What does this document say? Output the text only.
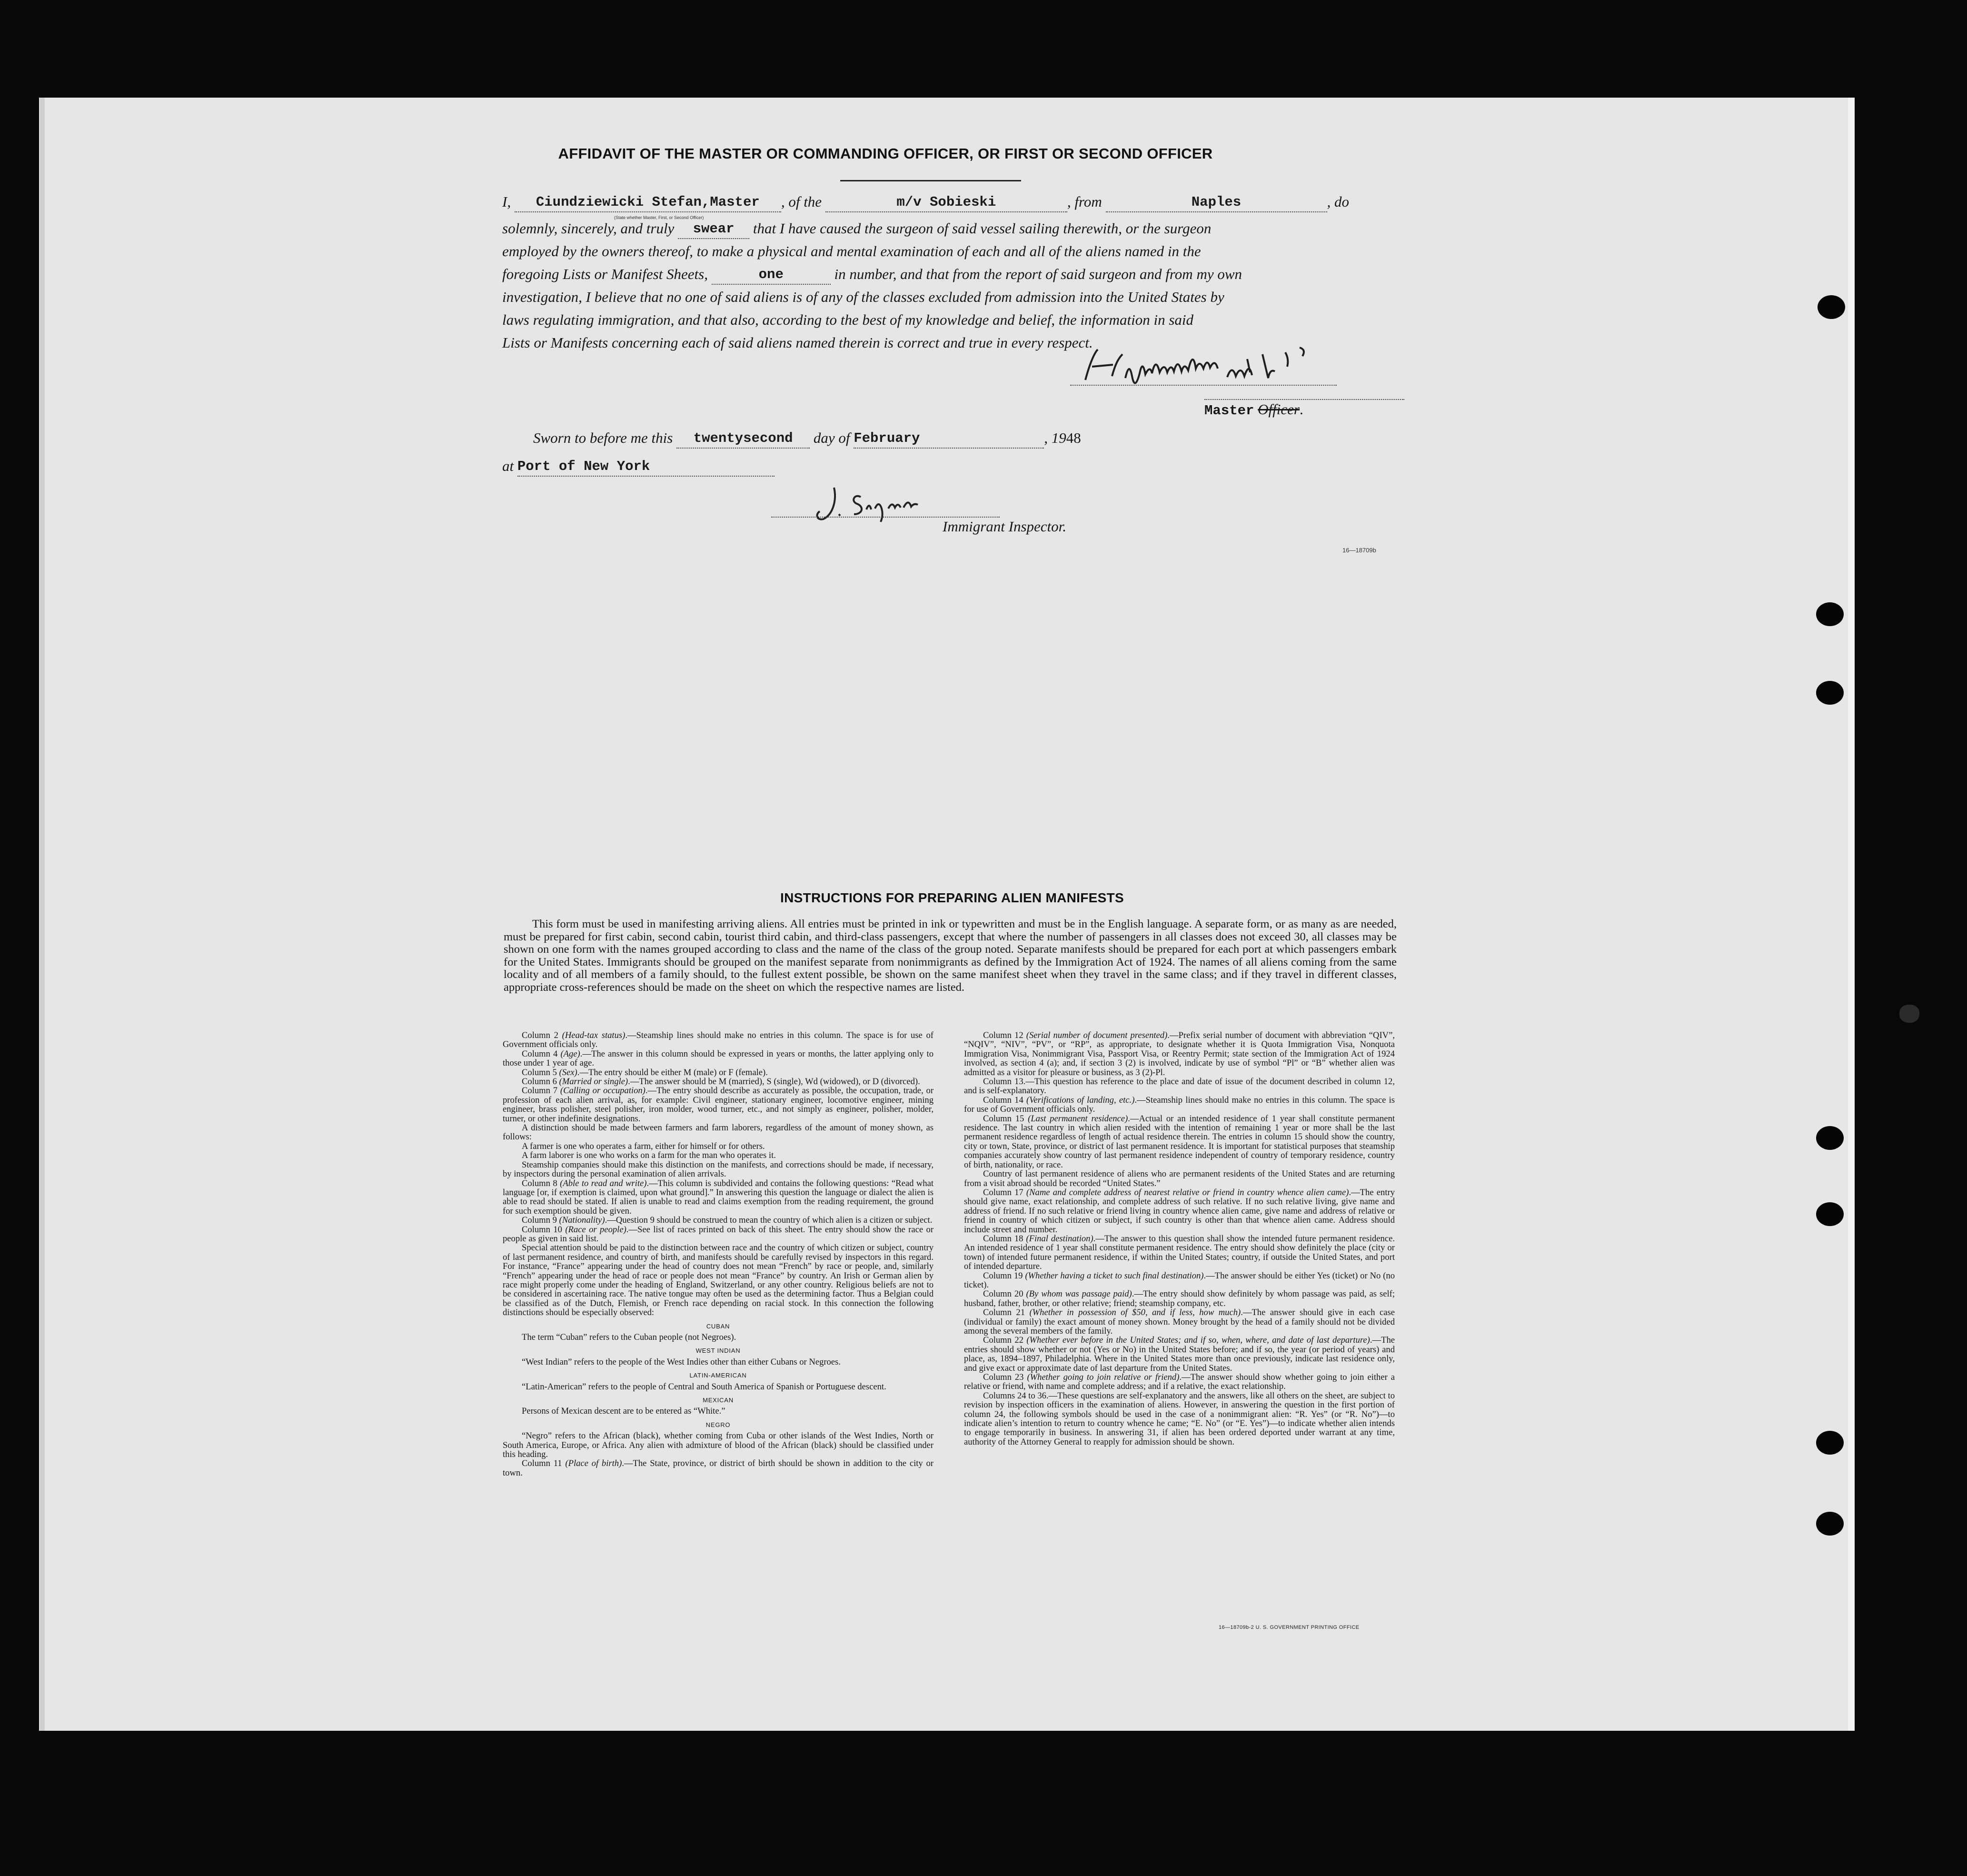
AFFIDAVIT OF THE MASTER OR COMMANDING OFFICER, OR FIRST OR SECOND OFFICER
I, Ciundziewicki Stefan,Master , of the	m/v Sobieski	, from	Naples	, do
(State whether Master, First, or Second Officer)
solemnly, sincerely, and truly swear that I have caused the surgeon of said vessel sailing therewith, or the surgeon
employed by the owners thereof, to make a physical and mental examination of each and all of the aliens named in the
foregoing Lists or Manifest Sheets,	one	in number, and that from the report of said surgeon and from my own
investigation, I believe that no one of said aliens is of any of the classes excluded from admission into the United States by
laws regulating immigration, and that also, according to the best of my knowledge and belief, the information in said
Lists or Manifests concerning each of said aliens named therein is correct and true in every respect.
Master Officer.
Sworn to before me this twentysecond day of February	, 1948
at Port of New York
Immigrant Inspector.
16—18709b
INSTRUCTIONS FOR PREPARING ALIEN MANIFESTS
This form must be used in manifesting arriving aliens. All entries must be printed in ink or typewritten and must be in the English language. A separate form, or as many as are needed, must be prepared for first cabin, second cabin, tourist third cabin, and third-class passengers, except that where the number of passengers in all classes does not exceed 30, all classes may be shown on one form with the names grouped according to class and the name of the class of the group noted. Separate manifests should be prepared for each port at which passengers embark for the United States. Immigrants should be grouped on the manifest separate from nonimmigrants as defined by the Immigration Act of 1924. The names of all aliens coming from the same locality and of all members of a family should, to the fullest extent possible, be shown on the same manifest sheet when they travel in the same class; and if they travel in different classes, appropriate cross-references should be made on the sheet on which the respective names are listed.

Column 2 (Head-tax status).—Steamship lines should make no entries in this column. The space is for use of Government officials only.

Column 4 (Age).—The answer in this column should be expressed in years or months, the latter applying only to those under 1 year of age.

Column 5 (Sex).—The entry should be either M (male) or F (female).

Column 6 (Married or single).—The answer should be M (married), S (single), Wd (widowed), or D (divorced).

Column 7 (Calling or occupation).—The entry should describe as accurately as possible, the occupation, trade, or profession of each alien arrival, as, for example: Civil engineer, stationary engineer, locomotive engineer, mining engineer, brass polisher, steel polisher, iron molder, wood turner, etc., and not simply as engineer, polisher, molder, turner, or other indefinite designations.

A distinction should be made between farmers and farm laborers, regardless of the amount of money shown, as follows:

A farmer is one who operates a farm, either for himself or for others.

A farm laborer is one who works on a farm for the man who operates it.

Steamship companies should make this distinction on the manifests, and corrections should be made, if necessary, by inspectors during the personal examination of alien arrivals.

Column 8 (Able to read and write).—This column is subdivided and contains the following questions: “Read what language [or, if exemption is claimed, upon what ground].” In answering this question the language or dialect the alien is able to read should be stated. If alien is unable to read and claims exemption from the reading requirement, the ground for such exemption should be given.

Column 9 (Nationality).—Question 9 should be construed to mean the country of which alien is a citizen or subject.

Column 10 (Race or people).—See list of races printed on back of this sheet. The entry should show the race or people as given in said list.

Special attention should be paid to the distinction between race and the country of which citizen or subject, country of last permanent residence, and country of birth, and manifests should be carefully revised by inspectors in this regard. For instance, “France” appearing under the head of country does not mean “French” by race or people, and, similarly “French” appearing under the head of race or people does not mean “France” by country. An Irish or German alien by race might properly come under the heading of England, Switzerland, or any other country. Religious beliefs are not to be considered in ascertaining race. The native tongue may often be used as the determining factor. Thus a Belgian could be classified as of the Dutch, Flemish, or French race depending on racial stock. In this connection the following distinctions should be especially observed:

CUBAN

The term “Cuban” refers to the Cuban people (not Negroes).

WEST INDIAN

“West Indian” refers to the people of the West Indies other than either Cubans or Negroes.

LATIN-AMERICAN

“Latin-American” refers to the people of Central and South America of Spanish or Portuguese descent.

MEXICAN

Persons of Mexican descent are to be entered as “White.”

NEGRO

“Negro” refers to the African (black), whether coming from Cuba or other islands of the West Indies, North or South America, Europe, or Africa. Any alien with admixture of blood of the African (black) should be classified under this heading.

Column 11 (Place of birth).—The State, province, or district of birth should be shown in addition to the city or town.

Column 12 (Serial number of document presented).—Prefix serial number of document with abbreviation “QIV”, “NQIV”, “NIV”, “PV”, or “RP”, as appropriate, to designate whether it is Quota Immigration Visa, Nonquota Immigration Visa, Nonimmigrant Visa, Passport Visa, or Reentry Permit; state section of the Immigration Act of 1924 involved, as section 4 (a); and, if section 3 (2) is involved, indicate by use of symbol “Pl” or “B” whether alien was admitted as a visitor for pleasure or business, as 3 (2)-Pl.

Column 13.—This question has reference to the place and date of issue of the document described in column 12, and is self-explanatory.

Column 14 (Verifications of landing, etc.).—Steamship lines should make no entries in this column. The space is for use of Government officials only.

Column 15 (Last permanent residence).—Actual or an intended residence of 1 year shall constitute permanent residence. The last country in which alien resided with the intention of remaining 1 year or more shall be the last permanent residence regardless of length of actual residence therein. The entries in column 15 should show the country, city or town, State, province, or district of last permanent residence. It is important for statistical purposes that steamship companies accurately show country of last permanent residence independent of country of temporary residence, country of birth, nationality, or race.

Country of last permanent residence of aliens who are permanent residents of the United States and are returning from a visit abroad should be recorded “United States.”

Column 17 (Name and complete address of nearest relative or friend in country whence alien came).—The entry should give name, exact relationship, and complete address of such relative. If no such relative living, give name and address of friend. If no such relative or friend living in country whence alien came, give name and address of relative or friend in country of which citizen or subject, if such country is other than that whence alien came. Address should include street and number.

Column 18 (Final destination).—The answer to this question shall show the intended future permanent residence. An intended residence of 1 year shall constitute permanent residence. The entry should show definitely the place (city or town) of intended future permanent residence, if within the United States; country, if outside the United States, and port of intended departure.

Column 19 (Whether having a ticket to such final destination).—The answer should be either Yes (ticket) or No (no ticket).

Column 20 (By whom was passage paid).—The entry should show definitely by whom passage was paid, as self; husband, father, brother, or other relative; friend; steamship company, etc.

Column 21 (Whether in possession of $50, and if less, how much).—The answer should give in each case (individual or family) the exact amount of money shown. Money brought by the head of a family should not be divided among the several members of the family.

Column 22 (Whether ever before in the United States; and if so, when, where, and date of last departure).—The entries should show whether or not (Yes or No) in the United States before; and if so, the year (or period of years) and place, as, 1894–1897, Philadelphia. Where in the United States more than once previously, indicate last residence only, and give exact or approximate date of last departure from the United States.

Column 23 (Whether going to join relative or friend).—The answer should show whether going to join either a relative or friend, with name and complete address; and if a relative, the exact relationship.

Columns 24 to 36.—These questions are self-explanatory and the answers, like all others on the sheet, are subject to revision by inspection officers in the examination of aliens. However, in answering the question in the first portion of column 24, the following symbols should be used in the case of a nonimmigrant alien: “R. Yes” (or “R. No”)—to indicate alien’s intention to return to country whence he came; “E. No” (or “E. Yes”)—to indicate whether alien intends to engage temporarily in business. In answering 31, if alien has been ordered deported under warrant at any time, authority of the Attorney General to reapply for admission should be shown.

16—18709b-2 U. S. GOVERNMENT PRINTING OFFICE
